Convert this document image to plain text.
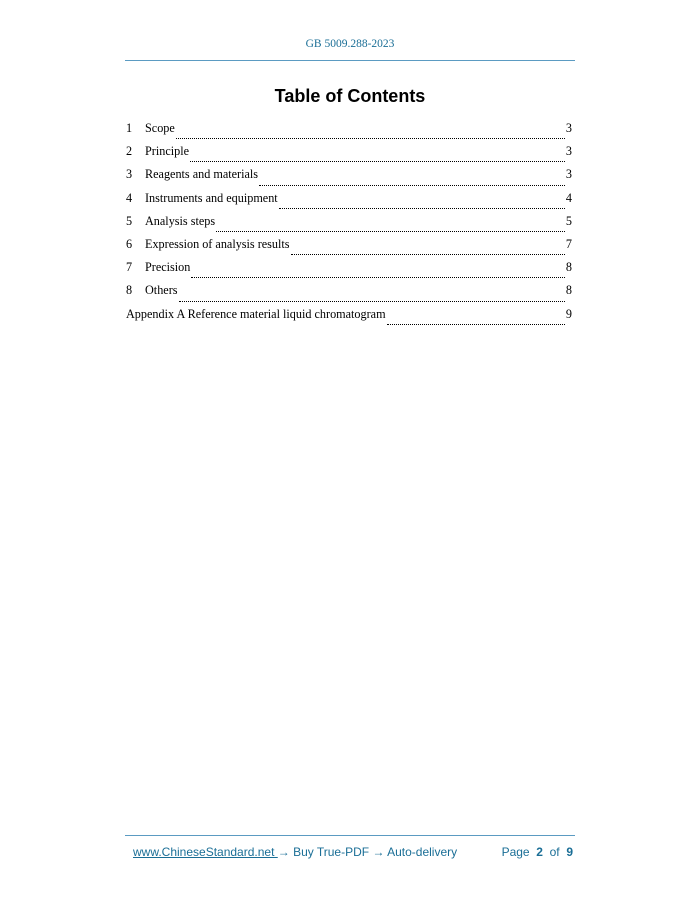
GB 5009.288-2023
Table of Contents
1	Scope	3
2	Principle	3
3	Reagents and materials	3
4	Instruments and equipment	4
5	Analysis steps	5
6	Expression of analysis results	7
7	Precision	8
8	Others	8
Appendix A Reference material liquid chromatogram	9
www.ChineseStandard.net → Buy True-PDF → Auto-delivery	Page 2 of 9
